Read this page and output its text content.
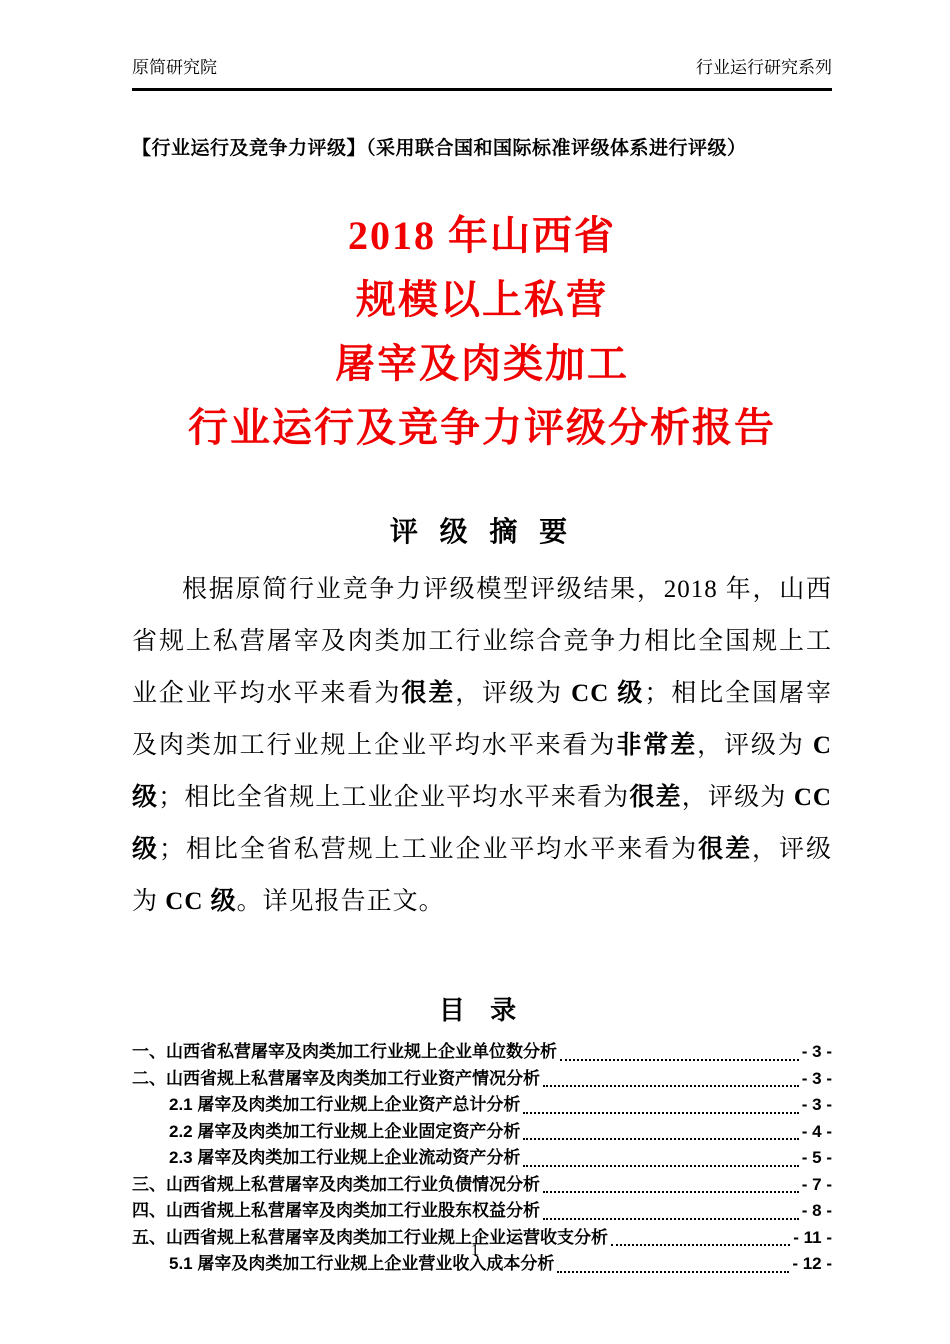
原简研究院	行业运行研究系列
【行业运行及竞争力评级】（采用联合国和国际标准评级体系进行评级）
2018 年山西省
规模以上私营
屠宰及肉类加工
行业运行及竞争力评级分析报告
评 级 摘 要

根据原简行业竞争力评级模型评级结果，2018 年，山西省规上私营屠宰及肉类加工行业综合竞争力相比全国规上工业企业平均水平来看为很差，评级为 CC 级；相比全国屠宰及肉类加工行业规上企业平均水平来看为非常差，评级为 C 级；相比全省规上工业企业平均水平来看为很差，评级为 CC 级；相比全省私营规上工业企业平均水平来看为很差，评级为 CC 级。详见报告正文。

目 录
一、山西省私营屠宰及肉类加工行业规上企业单位数分析	- 3 -
二、山西省规上私营屠宰及肉类加工行业资产情况分析	- 3 -
2.1 屠宰及肉类加工行业规上企业资产总计分析	- 3 -
2.2 屠宰及肉类加工行业规上企业固定资产分析	- 4 -
2.3 屠宰及肉类加工行业规上企业流动资产分析	- 5 -
三、山西省规上私营屠宰及肉类加工行业负债情况分析	- 7 -
四、山西省规上私营屠宰及肉类加工行业股东权益分析	- 8 -
五、山西省规上私营屠宰及肉类加工行业规上企业运营收支分析	- 11 -
5.1 屠宰及肉类加工行业规上企业营业收入成本分析	- 12 -
1
